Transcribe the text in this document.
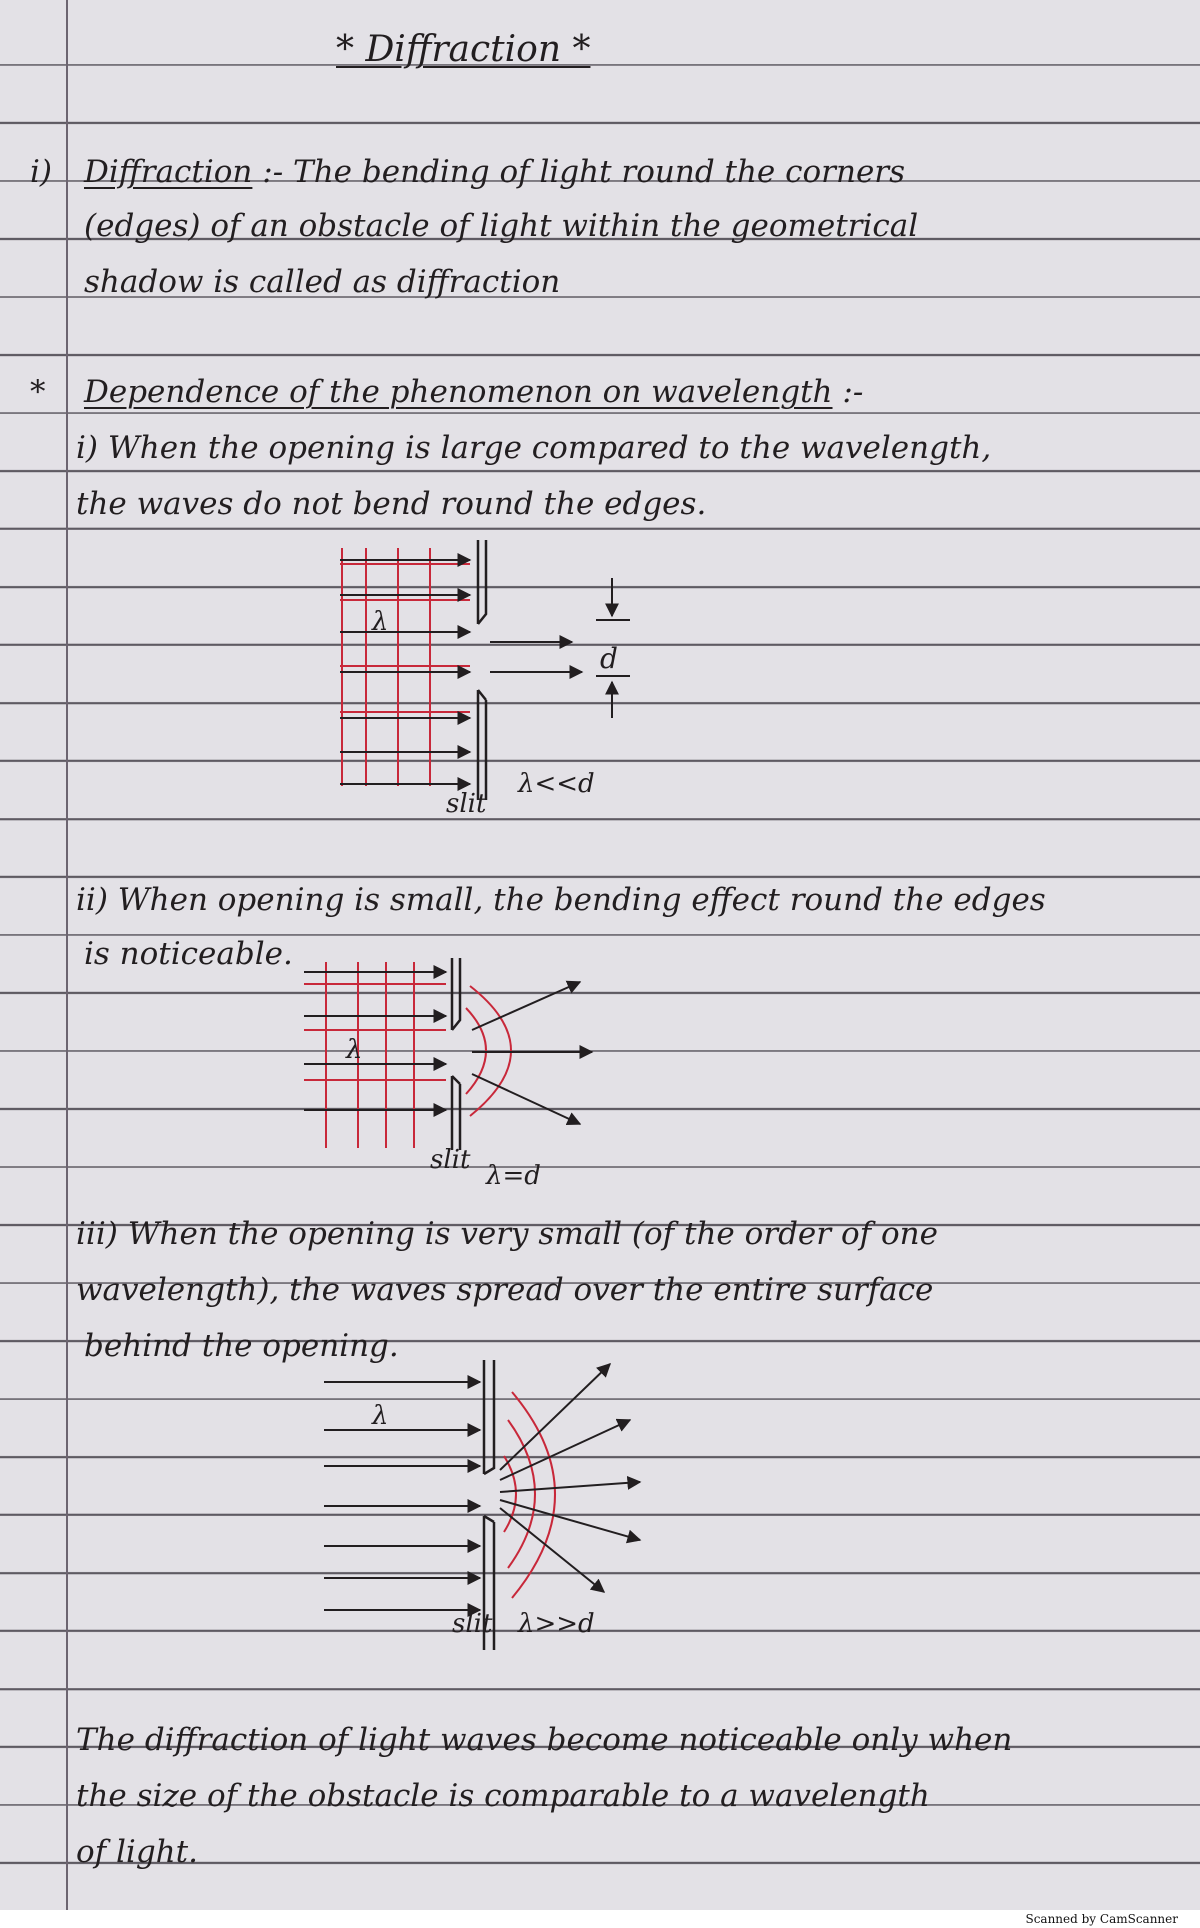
* Diffraction *
i) Diffraction :- The bending of light round the corners
(edges) of an obstacle of light within the geometrical
shadow is called as diffraction
* Dependence of the phenomenon on wavelength :-
i) When the opening is large compared to the wavelength,
the waves do not bend round the edges.
λ
d
slit
λ<<d
λ
slit
λ=d
λ
slit λ>>d
ii) When opening is small, the bending effect round the edges
is noticeable.
iii) When the opening is very small (of the order of one
wavelength), the waves spread over the entire surface
behind the opening.
The diffraction of light waves become noticeable only when
the size of the obstacle is comparable to a wavelength
of light.
Scanned by CamScanner
